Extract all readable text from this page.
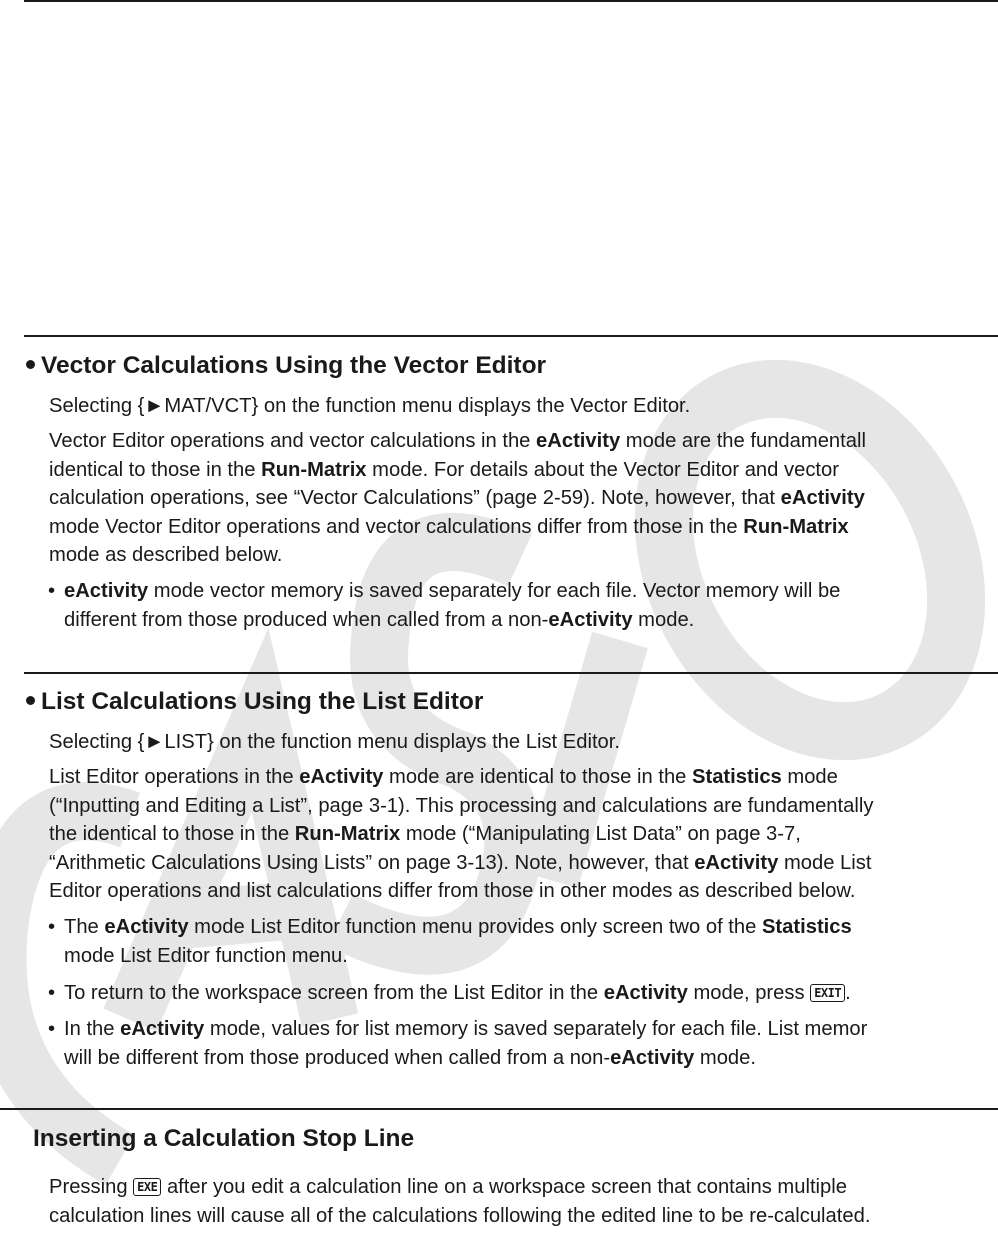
Vector Calculations Using the Vector Editor
Selecting {►MAT/VCT} on the function menu displays the Vector Editor.
Vector Editor operations and vector calculations in the eActivity mode are the fundamentall
identical to those in the Run-Matrix mode. For details about the Vector Editor and vector
calculation operations, see “Vector Calculations” (page 2-59). Note, however, that eActivity
mode Vector Editor operations and vector calculations differ from those in the Run-Matrix
mode as described below.
• eActivity mode vector memory is saved separately for each file. Vector memory will be
different from those produced when called from a non-eActivity mode.
List Calculations Using the List Editor
Selecting {►LIST} on the function menu displays the List Editor.
List Editor operations in the eActivity mode are identical to those in the Statistics mode
(“Inputting and Editing a List”, page 3-1). This processing and calculations are fundamentally
the identical to those in the Run-Matrix mode (“Manipulating List Data” on page 3-7,
“Arithmetic Calculations Using Lists” on page 3-13). Note, however, that eActivity mode List
Editor operations and list calculations differ from those in other modes as described below.
• The eActivity mode List Editor function menu provides only screen two of the Statistics
mode List Editor function menu.
• To return to the workspace screen from the List Editor in the eActivity mode, press EXIT .
• In the eActivity mode, values for list memory is saved separately for each file. List memor
will be different from those produced when called from a non-eActivity mode.
Inserting a Calculation Stop Line
Pressing EXE after you edit a calculation line on a workspace screen that contains multiple
calculation lines will cause all of the calculations following the edited line to be re-calculated.
